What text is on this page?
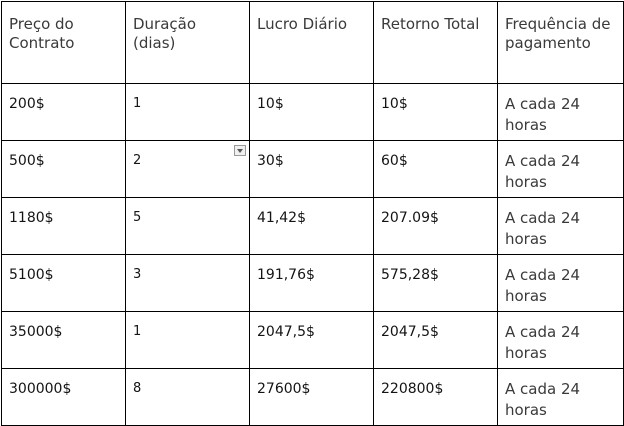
Preço do Contrato	Duração (dias)	Lucro Diário	Retorno Total	Frequência de pagamento
200$	1	10$	10$	A cada 24 horas
500$	2	30$	60$	A cada 24 horas
1180$	5	41,42$	207.09$	A cada 24 horas
5100$	3	191,76$	575,28$	A cada 24 horas
35000$	1	2047,5$	2047,5$	A cada 24 horas
300000$	8	27600$	220800$	A cada 24 horas
